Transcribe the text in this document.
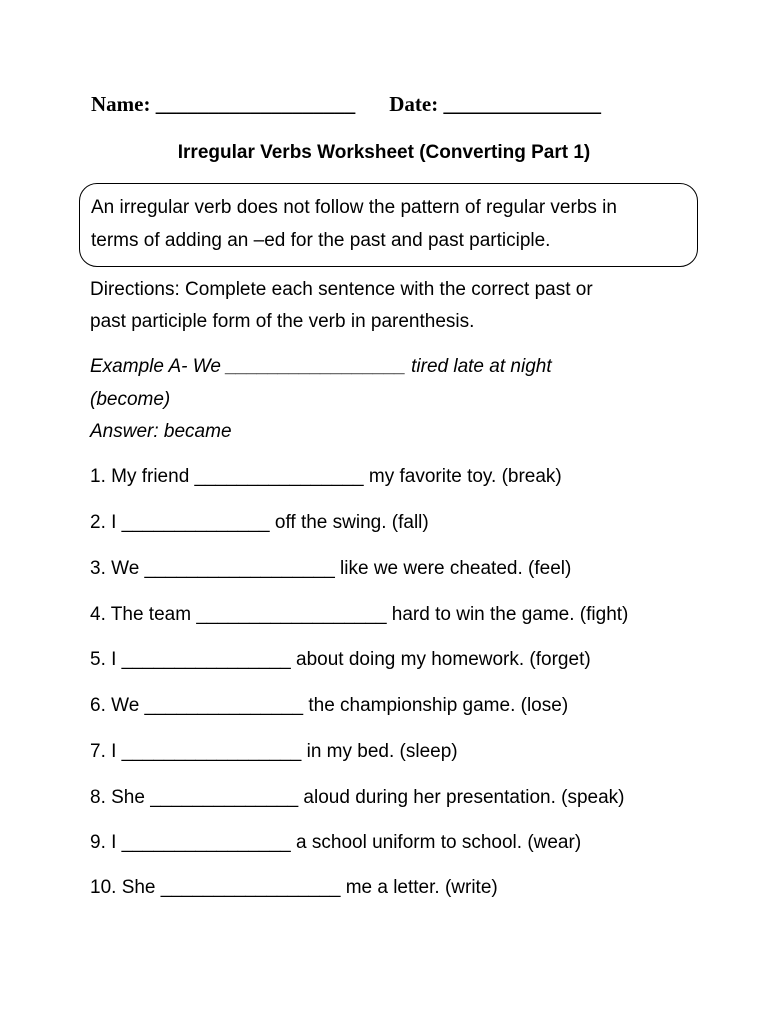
Name: ___________________ Date: _______________
Irregular Verbs Worksheet (Converting Part 1)
An irregular verb does not follow the pattern of regular verbs in
terms of adding an –ed for the past and past participle.
Directions: Complete each sentence with the correct past or
past participle form of the verb in parenthesis.
Example A- We _________________ tired late at night
(become)
Answer: became
1. My friend ________________ my favorite toy. (break)
2. I ______________ off the swing. (fall)
3. We __________________ like we were cheated. (feel)
4. The team __________________ hard to win the game. (fight)
5. I ________________ about doing my homework. (forget)
6. We _______________ the championship game. (lose)
7. I _________________ in my bed. (sleep)
8. She ______________ aloud during her presentation. (speak)
9. I ________________ a school uniform to school. (wear)
10. She _________________ me a letter. (write)
